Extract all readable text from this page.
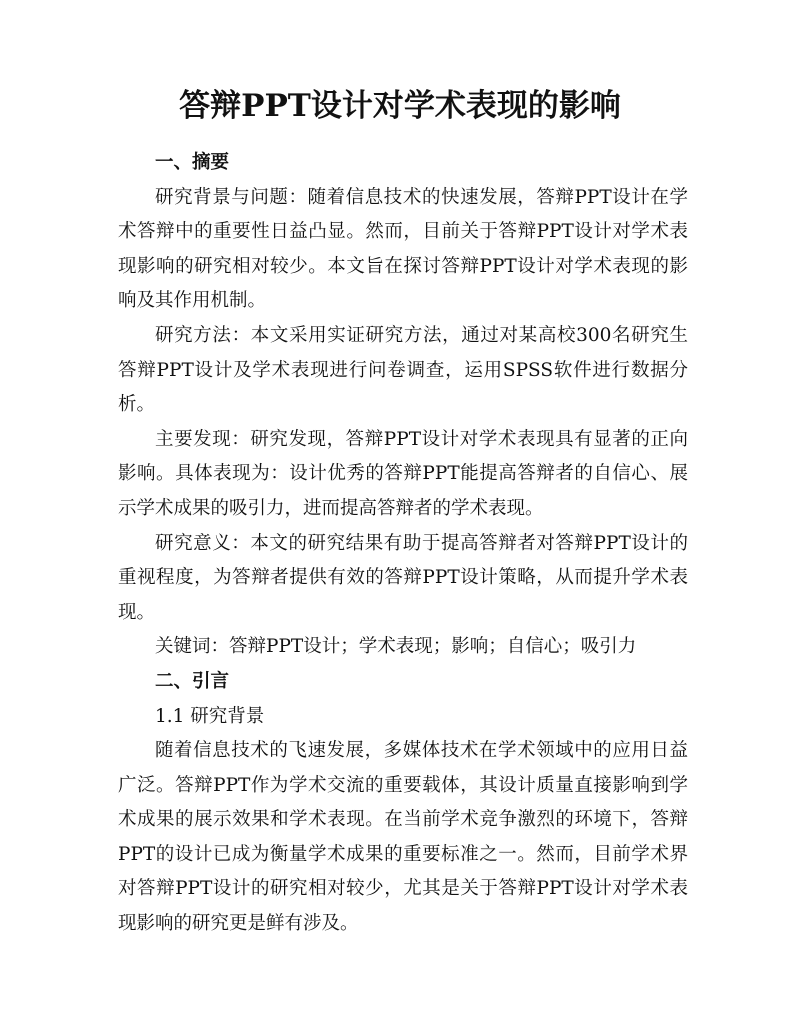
答辩PPT设计对学术表现的影响

一、摘要

研究背景与问题：随着信息技术的快速发展，答辩PPT设计在学术答辩中的重要性日益凸显。然而，目前关于答辩PPT设计对学术表现影响的研究相对较少。本文旨在探讨答辩PPT设计对学术表现的影响及其作用机制。

研究方法：本文采用实证研究方法，通过对某高校300名研究生答辩PPT设计及学术表现进行问卷调查，运用SPSS软件进行数据分析。

主要发现：研究发现，答辩PPT设计对学术表现具有显著的正向影响。具体表现为：设计优秀的答辩PPT能提高答辩者的自信心、展示学术成果的吸引力，进而提高答辩者的学术表现。

研究意义：本文的研究结果有助于提高答辩者对答辩PPT设计的重视程度，为答辩者提供有效的答辩PPT设计策略，从而提升学术表现。

关键词：答辩PPT设计；学术表现；影响；自信心；吸引力

二、引言

1.1 研究背景

随着信息技术的飞速发展，多媒体技术在学术领域中的应用日益广泛。答辩PPT作为学术交流的重要载体，其设计质量直接影响到学术成果的展示效果和学术表现。在当前学术竞争激烈的环境下，答辩PPT的设计已成为衡量学术成果的重要标准之一。然而，目前学术界对答辩PPT设计的研究相对较少，尤其是关于答辩PPT设计对学术表现影响的研究更是鲜有涉及。
